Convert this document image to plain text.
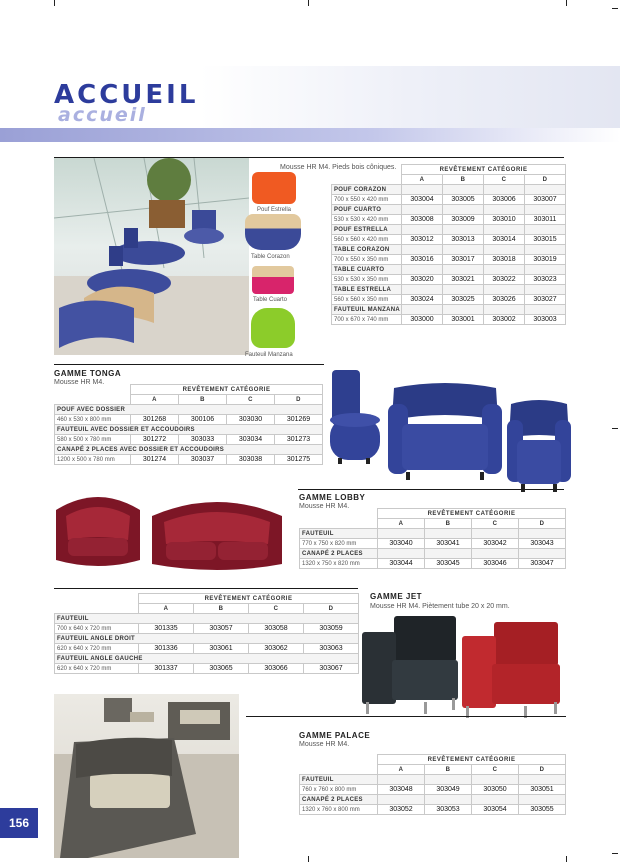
accueil
ACCUEIL
Pouf Estrella
Table Corazon
Table Cuarto
Fauteuil Manzana
Mousse HR M4. Pieds bois côniques.
		REVÊTEMENT CATÉGORIE			
	A	B	C	D
POUF CORAZON				
700 x 550 x 420 mm	303004	303005	303006	303007
POUF CUARTO				
530 x 530 x 420 mm	303008	303009	303010	303011
POUF ESTRELLA				
560 x 560 x 420 mm	303012	303013	303014	303015
TABLE CORAZON				
700 x 550 x 350 mm	303016	303017	303018	303019
TABLE CUARTO				
530 x 530 x 350 mm	303020	303021	303022	303023
TABLE ESTRELLA				
560 x 560 x 350 mm	303024	303025	303026	303027
FAUTEUIL MANZANA				
700 x 670 x 740 mm	303000	303001	303002	303003
GAMME TONGA
Mousse HR M4.
	REVÊTEMENT CATÉGORIE			
	A	B	C	D
POUF AVEC DOSSIER				
460 x 530 x 800 mm	301268	300106	303030	301269
FAUTEUIL AVEC DOSSIER ET ACCOUDOIRS				
580 x 500 x 780 mm	301272	303033	303034	301273
CANAPÉ 2 PLACES AVEC DOSSIER ET ACCOUDOIRS				
1200 x 500 x 780 mm	301274	303037	303038	301275
GAMME LOBBY
Mousse HR M4.
	REVÊTEMENT CATÉGORIE			
	A	B	C	D
FAUTEUIL				
770 x 750 x 820 mm	303040	303041	303042	303043
CANAPÉ 2 PLACES				
1320 x 750 x 820 mm	303044	303045	303046	303047
	REVÊTEMENT CATÉGORIE			
	A	B	C	D
FAUTEUIL				
700 x 640 x 720 mm	301335	303057	303058	303059
FAUTEUIL ANGLE DROIT				
620 x 640 x 720 mm	301336	303061	303062	303063
FAUTEUIL ANGLE GAUCHE				
620 x 640 x 720 mm	301337	303065	303066	303067
GAMME JET
Mousse HR M4. Piètement tube 20 x 20 mm.
GAMME PALACE
Mousse HR M4.
	REVÊTEMENT CATÉGORIE			
	A	B	C	D
FAUTEUIL				
760 x 760 x 800 mm	303048	303049	303050	303051
CANAPÉ 2 PLACES				
1320 x 760 x 800 mm	303052	303053	303054	303055
156
